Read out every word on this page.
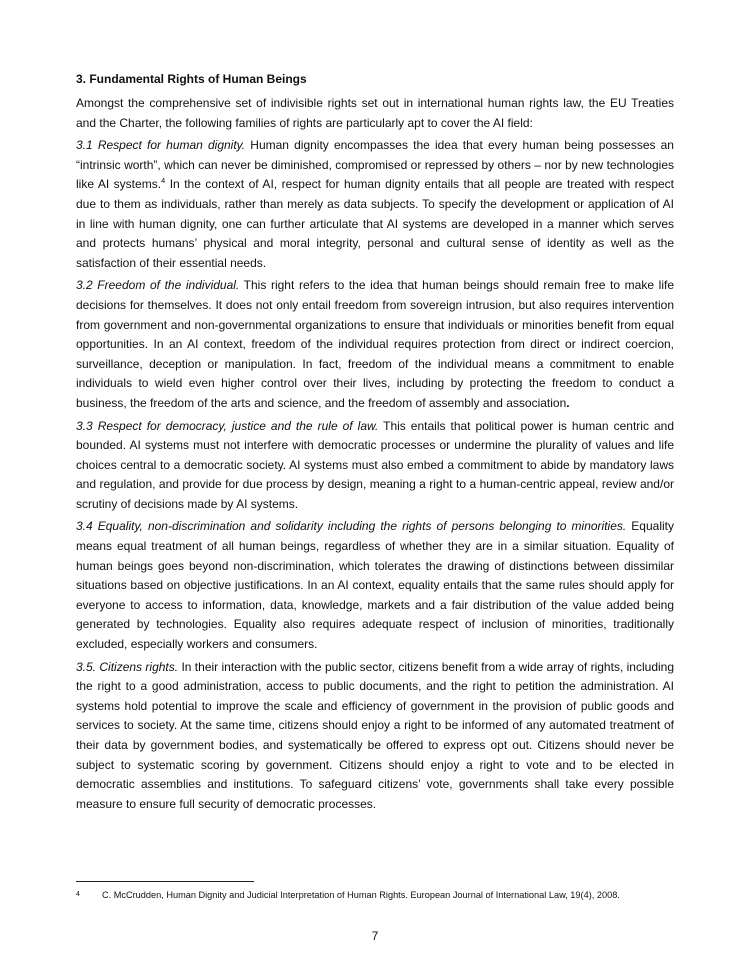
3. Fundamental Rights of Human Beings

Amongst the comprehensive set of indivisible rights set out in international human rights law, the EU Treaties and the Charter, the following families of rights are particularly apt to cover the AI field:

3.1 Respect for human dignity. Human dignity encompasses the idea that every human being possesses an “intrinsic worth”, which can never be diminished, compromised or repressed by others – nor by new technologies like AI systems.$^4$ In the context of AI, respect for human dignity entails that all people are treated with respect due to them as individuals, rather than merely as data subjects. To specify the development or application of AI in line with human dignity, one can further articulate that AI systems are developed in a manner which serves and protects humans’ physical and moral integrity, personal and cultural sense of identity as well as the satisfaction of their essential needs.

3.2 Freedom of the individual. This right refers to the idea that human beings should remain free to make life decisions for themselves. It does not only entail freedom from sovereign intrusion, but also requires intervention from government and non-governmental organizations to ensure that individuals or minorities benefit from equal opportunities. In an AI context, freedom of the individual requires protection from direct or indirect coercion, surveillance, deception or manipulation. In fact, freedom of the individual means a commitment to enable individuals to wield even higher control over their lives, including by protecting the freedom to conduct a business, the freedom of the arts and science, and the freedom of assembly and association.

3.3 Respect for democracy, justice and the rule of law. This entails that political power is human centric and bounded. AI systems must not interfere with democratic processes or undermine the plurality of values and life choices central to a democratic society. AI systems must also embed a commitment to abide by mandatory laws and regulation, and provide for due process by design, meaning a right to a human-centric appeal, review and/or scrutiny of decisions made by AI systems.

3.4 Equality, non-discrimination and solidarity including the rights of persons belonging to minorities. Equality means equal treatment of all human beings, regardless of whether they are in a similar situation. Equality of human beings goes beyond non-discrimination, which tolerates the drawing of distinctions between dissimilar situations based on objective justifications. In an AI context, equality entails that the same rules should apply for everyone to access to information, data, knowledge, markets and a fair distribution of the value added being generated by technologies. Equality also requires adequate respect of inclusion of minorities, traditionally excluded, especially workers and consumers.

3.5. Citizens rights. In their interaction with the public sector, citizens benefit from a wide array of rights, including the right to a good administration, access to public documents, and the right to petition the administration. AI systems hold potential to improve the scale and efficiency of government in the provision of public goods and services to society. At the same time, citizens should enjoy a right to be informed of any automated treatment of their data by government bodies, and systematically be offered to express opt out. Citizens should never be subject to systematic scoring by government. Citizens should enjoy a right to vote and to be elected in democratic assemblies and institutions. To safeguard citizens’ vote, governments shall take every possible measure to ensure full security of democratic processes.

4 C. McCrudden, Human Dignity and Judicial Interpretation of Human Rights. European Journal of International Law, 19(4), 2008.
7
